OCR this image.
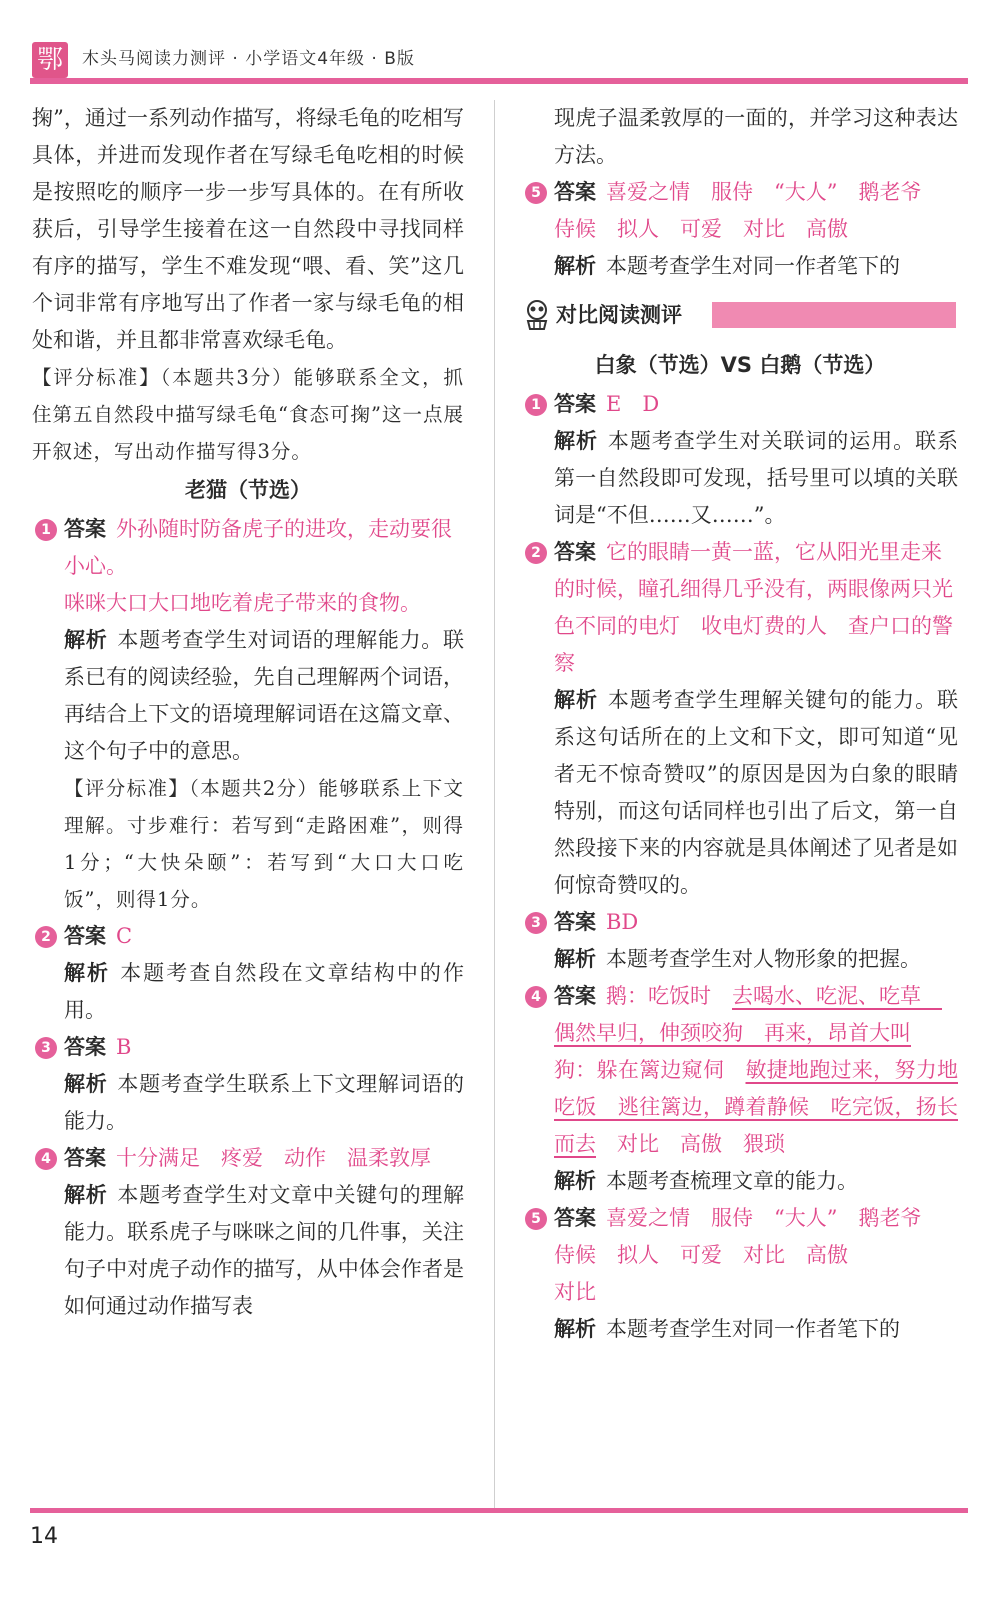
鄂 木头马阅读力测评 · 小学语文4年级 · B版

掬”，通过一系列动作描写，将绿毛龟的吃相写具体，并进而发现作者在写绿毛龟吃相的时候是按照吃的顺序一步一步写具体的。在有所收获后，引导学生接着在这一自然段中寻找同样有序的描写，学生不难发现“喂、看、笑”这几个词非常有序地写出了作者一家与绿毛龟的相处和谐，并且都非常喜欢绿毛龟。

【评分标准】（本题共3分）能够联系全文，抓住第五自然段中描写绿毛龟“食态可掬”这一点展开叙述，写出动作描写得3分。

老猫（节选）
1 答案 外孙随时防备虎子的进攻，走动要很小心。

咪咪大口大口地吃着虎子带来的食物。

解析 本题考查学生对词语的理解能力。联系已有的阅读经验，先自己理解两个词语，再结合上下文的语境理解词语在这篇文章、这个句子中的意思。

【评分标准】（本题共2分）能够联系上下文理解。寸步难行：若写到“走路困难”，则得1分；“大快朵颐”：若写到“大口大口吃饭”，则得1分。

2 答案 C

解析 本题考查自然段在文章结构中的作用。

3 答案 B

解析 本题考查学生联系上下文理解词语的能力。

4 答案 十分满足　疼爱　动作　温柔敦厚

解析 本题考查学生对文章中关键句的理解能力。联系虎子与咪咪之间的几件事，关注句子中对虎子动作的描写，从中体会作者是如何通过动作描写表

现虎子温柔敦厚的一面的，并学习这种表达方法。

5 答案 喜爱之情　服侍　“大人”　鹅老爷　侍候　拟人　可爱　对比　高傲

解析 本题考查学生对同一作者笔下的

对比阅读测评
白象（节选）VS 白鹅（节选）
1 答案 E　D

解析 本题考查学生对关联词的运用。联系第一自然段即可发现，括号里可以填的关联词是“不但……又……”。

2 答案 它的眼睛一黄一蓝，它从阳光里走来的时候，瞳孔细得几乎没有，两眼像两只光色不同的电灯　收电灯费的人　查户口的警察

解析 本题考查学生理解关键句的能力。联系这句话所在的上文和下文，即可知道“见者无不惊奇赞叹”的原因是因为白象的眼睛特别，而这句话同样也引出了后文，第一自然段接下来的内容就是具体阐述了见者是如何惊奇赞叹的。

3 答案 BD

解析 本题考查学生对人物形象的把握。

4 答案 鹅：吃饭时　去喝水、吃泥、吃草　偶然早归，伸颈咬狗　再来，昂首大叫

狗：躲在篱边窥伺　敏捷地跑过来，努力地吃饭　逃往篱边，蹲着静候　吃完饭，扬长而去　对比　高傲　猥琐

解析 本题考查梳理文章的能力。

5 答案 喜爱之情　服侍　“大人”　鹅老爷　侍候　拟人　可爱　对比　高傲

对比

解析 本题考查学生对同一作者笔下的

14
